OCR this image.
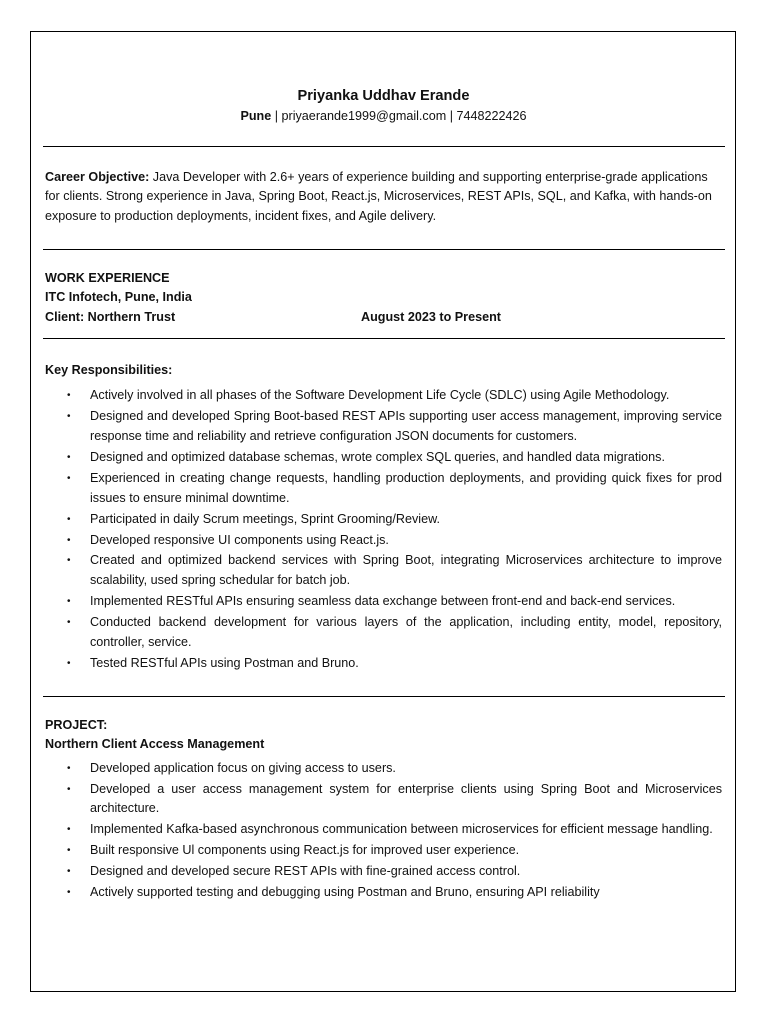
Priyanka Uddhav Erande

Pune | priyaerande1999@gmail.com | 7448222426

Career Objective: Java Developer with 2.6+ years of experience building and supporting enterprise-grade applications for clients. Strong experience in Java, Spring Boot, React.js, Microservices, REST APIs, SQL, and Kafka, with hands-on exposure to production deployments, incident fixes, and Agile delivery.

WORK EXPERIENCE
ITC Infotech, Pune, India
Client: Northern Trust	August 2023 to Present
Key Responsibilities:
• Actively involved in all phases of the Software Development Life Cycle (SDLC) using Agile Methodology.
• Designed and developed Spring Boot-based REST APIs supporting user access management, improving service response time and reliability and retrieve configuration JSON documents for customers.
• Designed and optimized database schemas, wrote complex SQL queries, and handled data migrations.
• Experienced in creating change requests, handling production deployments, and providing quick fixes for prod issues to ensure minimal downtime.
• Participated in daily Scrum meetings, Sprint Grooming/Review.
• Developed responsive UI components using React.js.
• Created and optimized backend services with Spring Boot, integrating Microservices architecture to improve scalability, used spring schedular for batch job.
• Implemented RESTful APIs ensuring seamless data exchange between front-end and back-end services.
• Conducted backend development for various layers of the application, including entity, model, repository, controller, service.
• Tested RESTful APIs using Postman and Bruno.
PROJECT:
Northern Client Access Management
• Developed application focus on giving access to users.
• Developed a user access management system for enterprise clients using Spring Boot and Microservices architecture.
• Implemented Kafka-based asynchronous communication between microservices for efficient message handling.
• Built responsive Ul components using React.js for improved user experience.
• Designed and developed secure REST APIs with fine-grained access control.
• Actively supported testing and debugging using Postman and Bruno, ensuring API reliability
